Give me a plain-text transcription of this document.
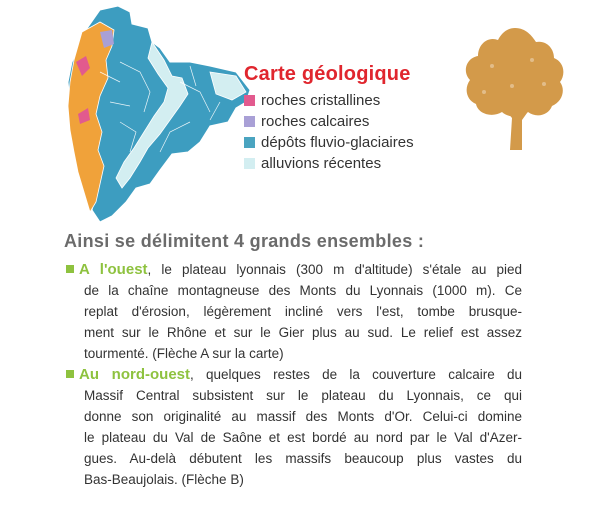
Carte géologique
roches cristallines
roches calcaires
dépôts fluvio-glaciaires
alluvions récentes
Ainsi se délimitent 4 grands ensembles :
A l'ouest, le plateau lyonnais (300 m d'altitude) s'étale au pied
de la chaîne montagneuse des Monts du Lyonnais (1000 m). Ce
replat d'érosion, légèrement incliné vers l'est, tombe brusque-
ment sur le Rhône et sur le Gier plus au sud. Le relief est assez
tourmenté. (Flèche A sur la carte)
Au nord-ouest, quelques restes de la couverture calcaire du
Massif Central subsistent sur le plateau du Lyonnais, ce qui
donne son originalité au massif des Monts d'Or. Celui-ci domine
le plateau du Val de Saône et est bordé au nord par le Val d'Azer-
gues. Au-delà débutent les massifs beaucoup plus vastes du
Bas-Beaujolais. (Flèche B)
